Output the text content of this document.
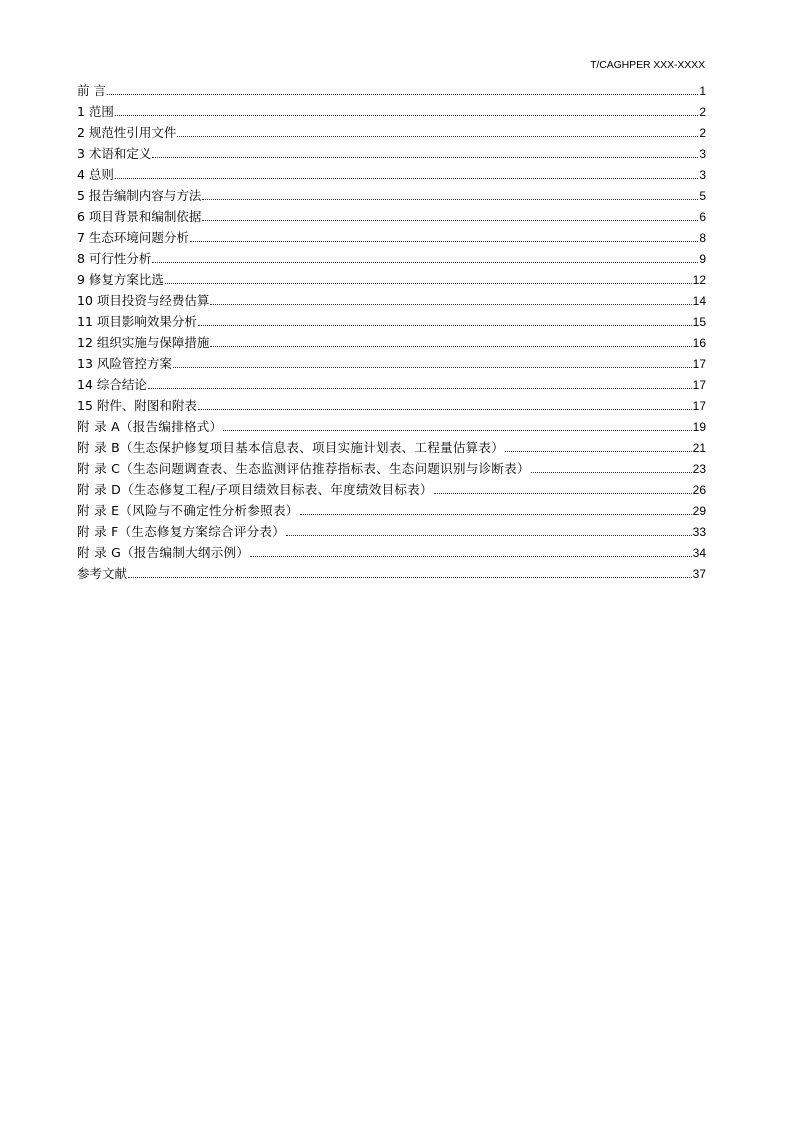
T/CAGHPER XXX-XXXX
前 言	1
1 范围	2
2 规范性引用文件	2
3 术语和定义	3
4 总则	3
5 报告编制内容与方法	5
6 项目背景和编制依据	6
7 生态环境问题分析	8
8 可行性分析	9
9 修复方案比选	12
10 项目投资与经费估算	14
11 项目影响效果分析	15
12 组织实施与保障措施	16
13 风险管控方案	17
14 综合结论	17
15 附件、附图和附表	17
附 录 A（报告编排格式）	19
附 录 B（生态保护修复项目基本信息表、项目实施计划表、工程量估算表）	21
附 录 C（生态问题调查表、生态监测评估推荐指标表、生态问题识别与诊断表）	23
附 录 D（生态修复工程/子项目绩效目标表、年度绩效目标表）	26
附 录 E（风险与不确定性分析参照表）	29
附 录 F（生态修复方案综合评分表）	33
附 录 G（报告编制大纲示例）	34
参考文献	37
